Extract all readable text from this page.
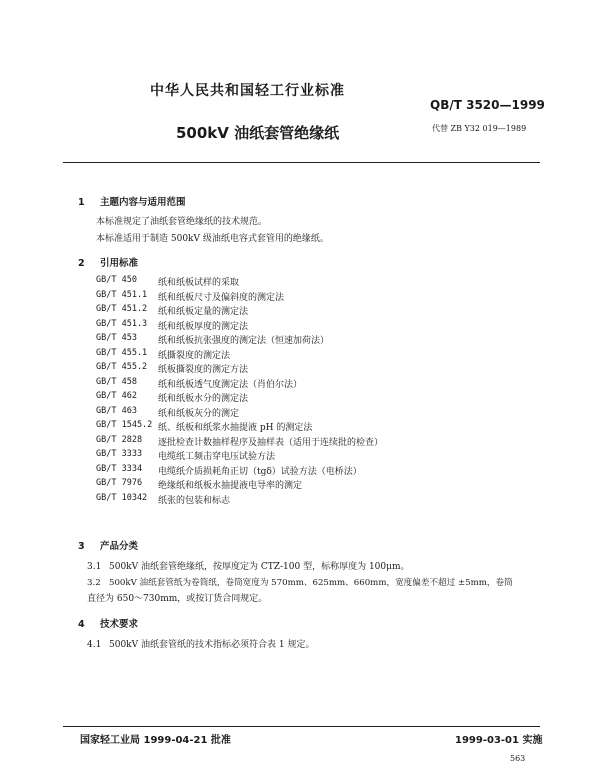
中华人民共和国轻工行业标准
QB/T 3520—1999
500kV 油纸套管绝缘纸	代替 ZB Y32 019—1989
1 主题内容与适用范围
本标准规定了油纸套管绝缘纸的技术规范。
本标准适用于制造 500kV 级油纸电容式套管用的绝缘纸。
2 引用标准
GB/T 450	纸和纸板试样的采取
GB/T 451.1	纸和纸板尺寸及偏斜度的测定法
GB/T 451.2	纸和纸板定量的测定法
GB/T 451.3	纸和纸板厚度的测定法
GB/T 453	纸和纸板抗张强度的测定法（恒速加荷法）
GB/T 455.1	纸撕裂度的测定法
GB/T 455.2	纸板撕裂度的测定方法
GB/T 458	纸和纸板透气度测定法（肖伯尔法）
GB/T 462	纸和纸板水分的测定法
GB/T 463	纸和纸板灰分的测定
GB/T 1545.2 纸、纸板和纸浆水抽提液 pH 的测定法
GB/T 2828	逐批检查计数抽样程序及抽样表（适用于连续批的检查）
GB/T 3333	电缆纸工频击穿电压试验方法
GB/T 3334	电缆纸介质损耗角正切（tgδ）试验方法（电桥法）
GB/T 7976	绝缘纸和纸板水抽提液电导率的测定
GB/T 10342	纸张的包装和标志
3 产品分类
3.1 500kV 油纸套管绝缘纸，按厚度定为 CTZ-100 型，标称厚度为 100μm。
3.2 500kV 油纸套管纸为卷筒纸，卷筒宽度为 570mm、625mm、660mm，宽度偏差不超过 ±5mm，卷筒
直径为 650～730mm，或按订货合同规定。
4 技术要求
4.1 500kV 油纸套管纸的技术指标必须符合表 1 规定。
国家轻工业局 1999-04-21 批准	1999-03-01 实施
563
